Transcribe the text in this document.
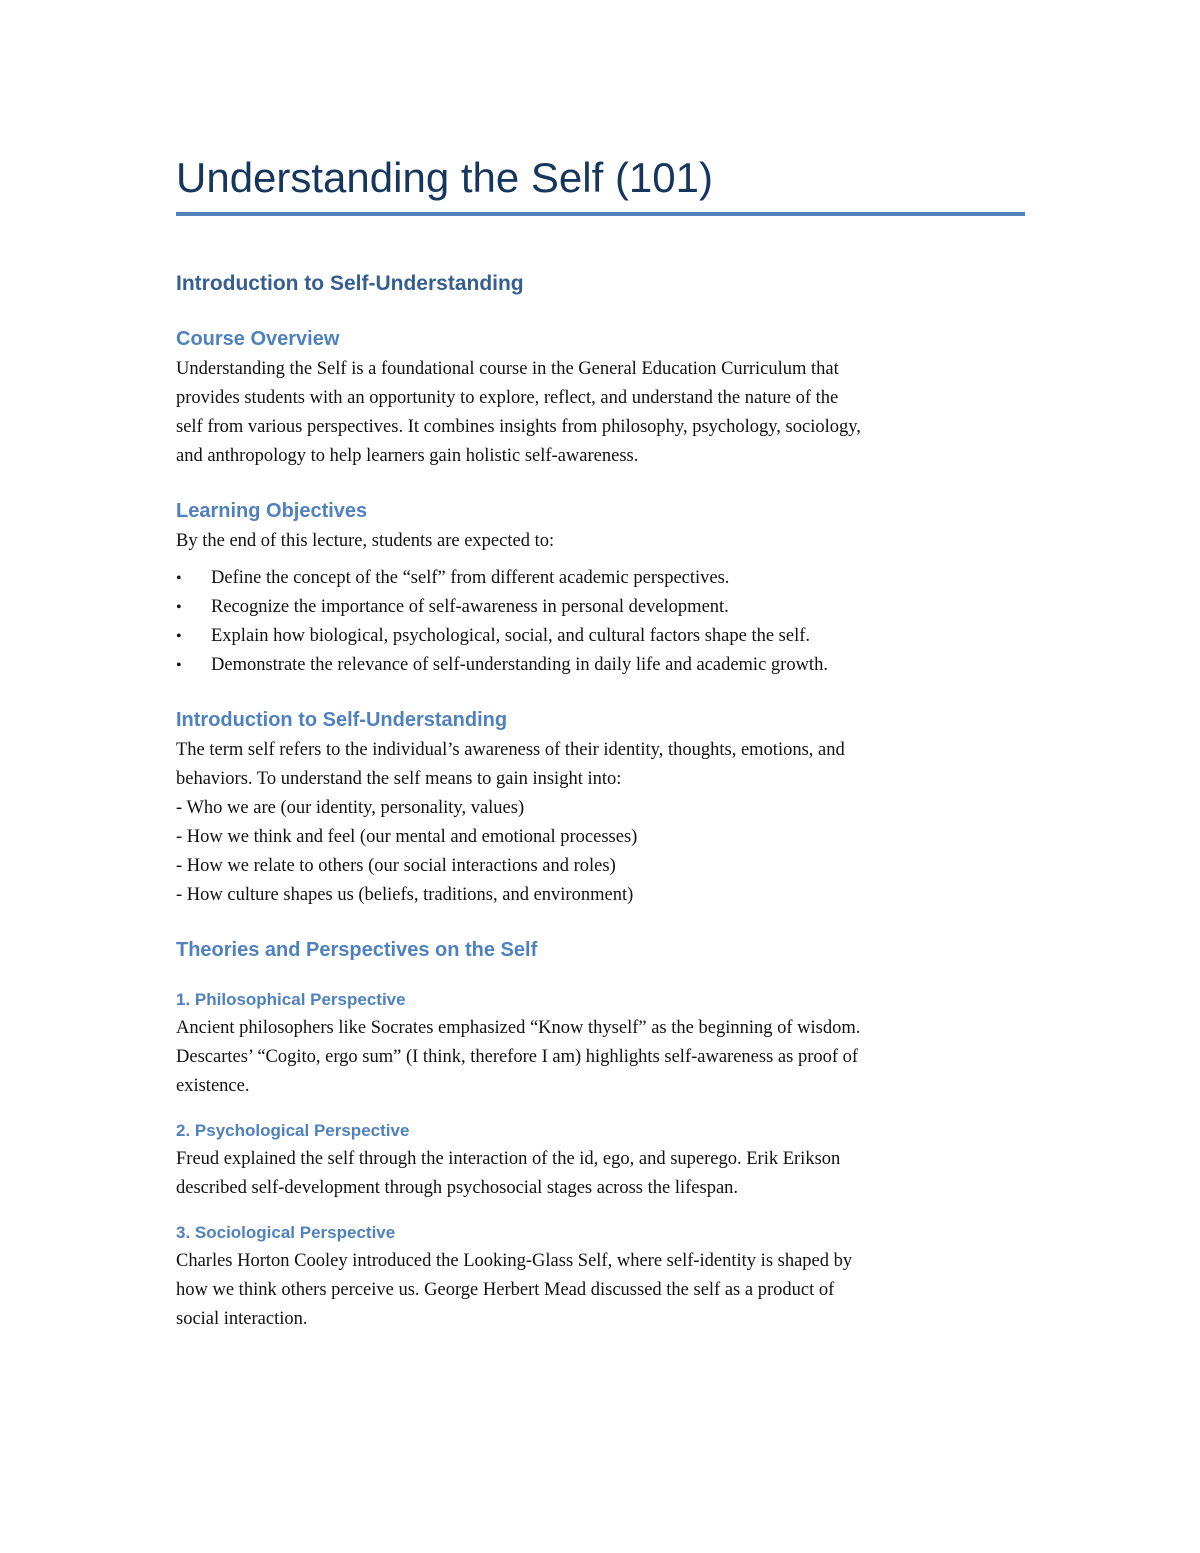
Understanding the Self (101)
Introduction to Self-Understanding
Course Overview
Understanding the Self is a foundational course in the General Education Curriculum that
provides students with an opportunity to explore, reflect, and understand the nature of the
self from various perspectives. It combines insights from philosophy, psychology, sociology,
and anthropology to help learners gain holistic self-awareness.
Learning Objectives

By the end of this lecture, students are expected to:

• Define the concept of the “self” from different academic perspectives.
• Recognize the importance of self-awareness in personal development.
• Explain how biological, psychological, social, and cultural factors shape the self.
• Demonstrate the relevance of self-understanding in daily life and academic growth.
Introduction to Self-Understanding
The term self refers to the individual’s awareness of their identity, thoughts, emotions, and
behaviors. To understand the self means to gain insight into:
- Who we are (our identity, personality, values)
- How we think and feel (our mental and emotional processes)
- How we relate to others (our social interactions and roles)
- How culture shapes us (beliefs, traditions, and environment)
Theories and Perspectives on the Self
1. Philosophical Perspective
Ancient philosophers like Socrates emphasized “Know thyself” as the beginning of wisdom.
Descartes’ “Cogito, ergo sum” (I think, therefore I am) highlights self-awareness as proof of
existence.
2. Psychological Perspective
Freud explained the self through the interaction of the id, ego, and superego. Erik Erikson
described self-development through psychosocial stages across the lifespan.
3. Sociological Perspective
Charles Horton Cooley introduced the Looking-Glass Self, where self-identity is shaped by
how we think others perceive us. George Herbert Mead discussed the self as a product of
social interaction.
